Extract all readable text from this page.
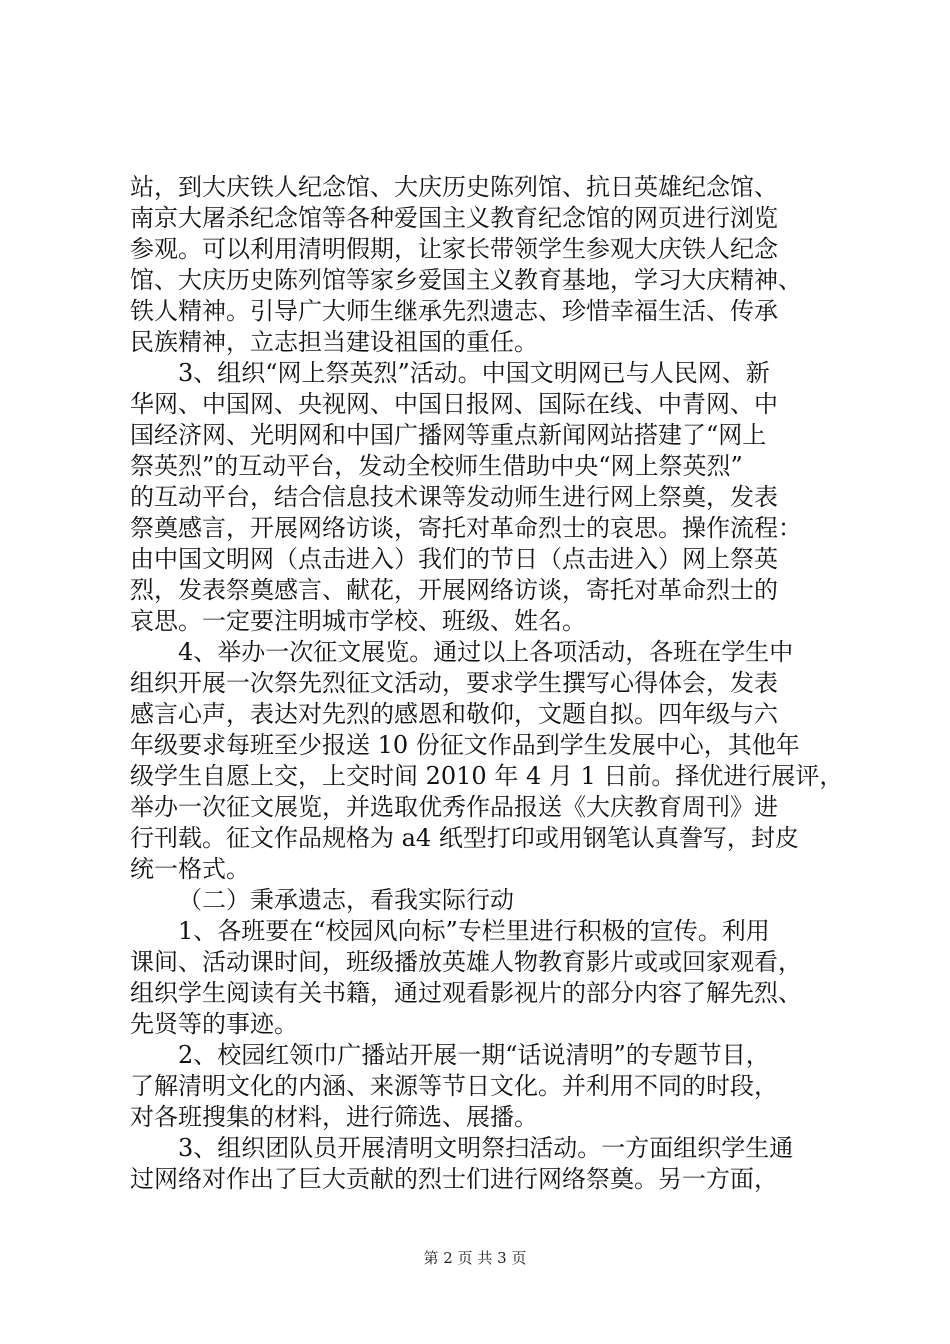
站，到大庆铁人纪念馆、大庆历史陈列馆、抗日英雄纪念馆、
南京大屠杀纪念馆等各种爱国主义教育纪念馆的网页进行浏览
参观。可以利用清明假期，让家长带领学生参观大庆铁人纪念
馆、大庆历史陈列馆等家乡爱国主义教育基地，学习大庆精神、
铁人精神。引导广大师生继承先烈遗志、珍惜幸福生活、传承
民族精神，立志担当建设祖国的重任。
3、组织“网上祭英烈”活动。中国文明网已与人民网、新
华网、中国网、央视网、中国日报网、国际在线、中青网、中
国经济网、光明网和中国广播网等重点新闻网站搭建了“网上
祭英烈”的互动平台，发动全校师生借助中央“网上祭英烈”
的互动平台，结合信息技术课等发动师生进行网上祭奠，发表
祭奠感言，开展网络访谈，寄托对革命烈士的哀思。操作流程：
由中国文明网（点击进入）我们的节日（点击进入）网上祭英
烈，发表祭奠感言、献花，开展网络访谈，寄托对革命烈士的
哀思。一定要注明城市学校、班级、姓名。
4、举办一次征文展览。通过以上各项活动，各班在学生中
组织开展一次祭先烈征文活动，要求学生撰写心得体会，发表
感言心声，表达对先烈的感恩和敬仰，文题自拟。四年级与六
年级要求每班至少报送 10 份征文作品到学生发展中心，其他年
级学生自愿上交，上交时间 2010 年 4 月 1 日前。择优进行展评，
举办一次征文展览，并选取优秀作品报送《大庆教育周刊》进
行刊载。征文作品规格为 a4 纸型打印或用钢笔认真誊写，封皮
统一格式。
（二）秉承遗志，看我实际行动
1、各班要在“校园风向标”专栏里进行积极的宣传。利用
课间、活动课时间，班级播放英雄人物教育影片或或回家观看，
组织学生阅读有关书籍，通过观看影视片的部分内容了解先烈、
先贤等的事迹。
2、校园红领巾广播站开展一期“话说清明”的专题节目，
了解清明文化的内涵、来源等节日文化。并利用不同的时段，
对各班搜集的材料，进行筛选、展播。
3、组织团队员开展清明文明祭扫活动。一方面组织学生通
过网络对作出了巨大贡献的烈士们进行网络祭奠。另一方面，
第 2 页 共 3 页
